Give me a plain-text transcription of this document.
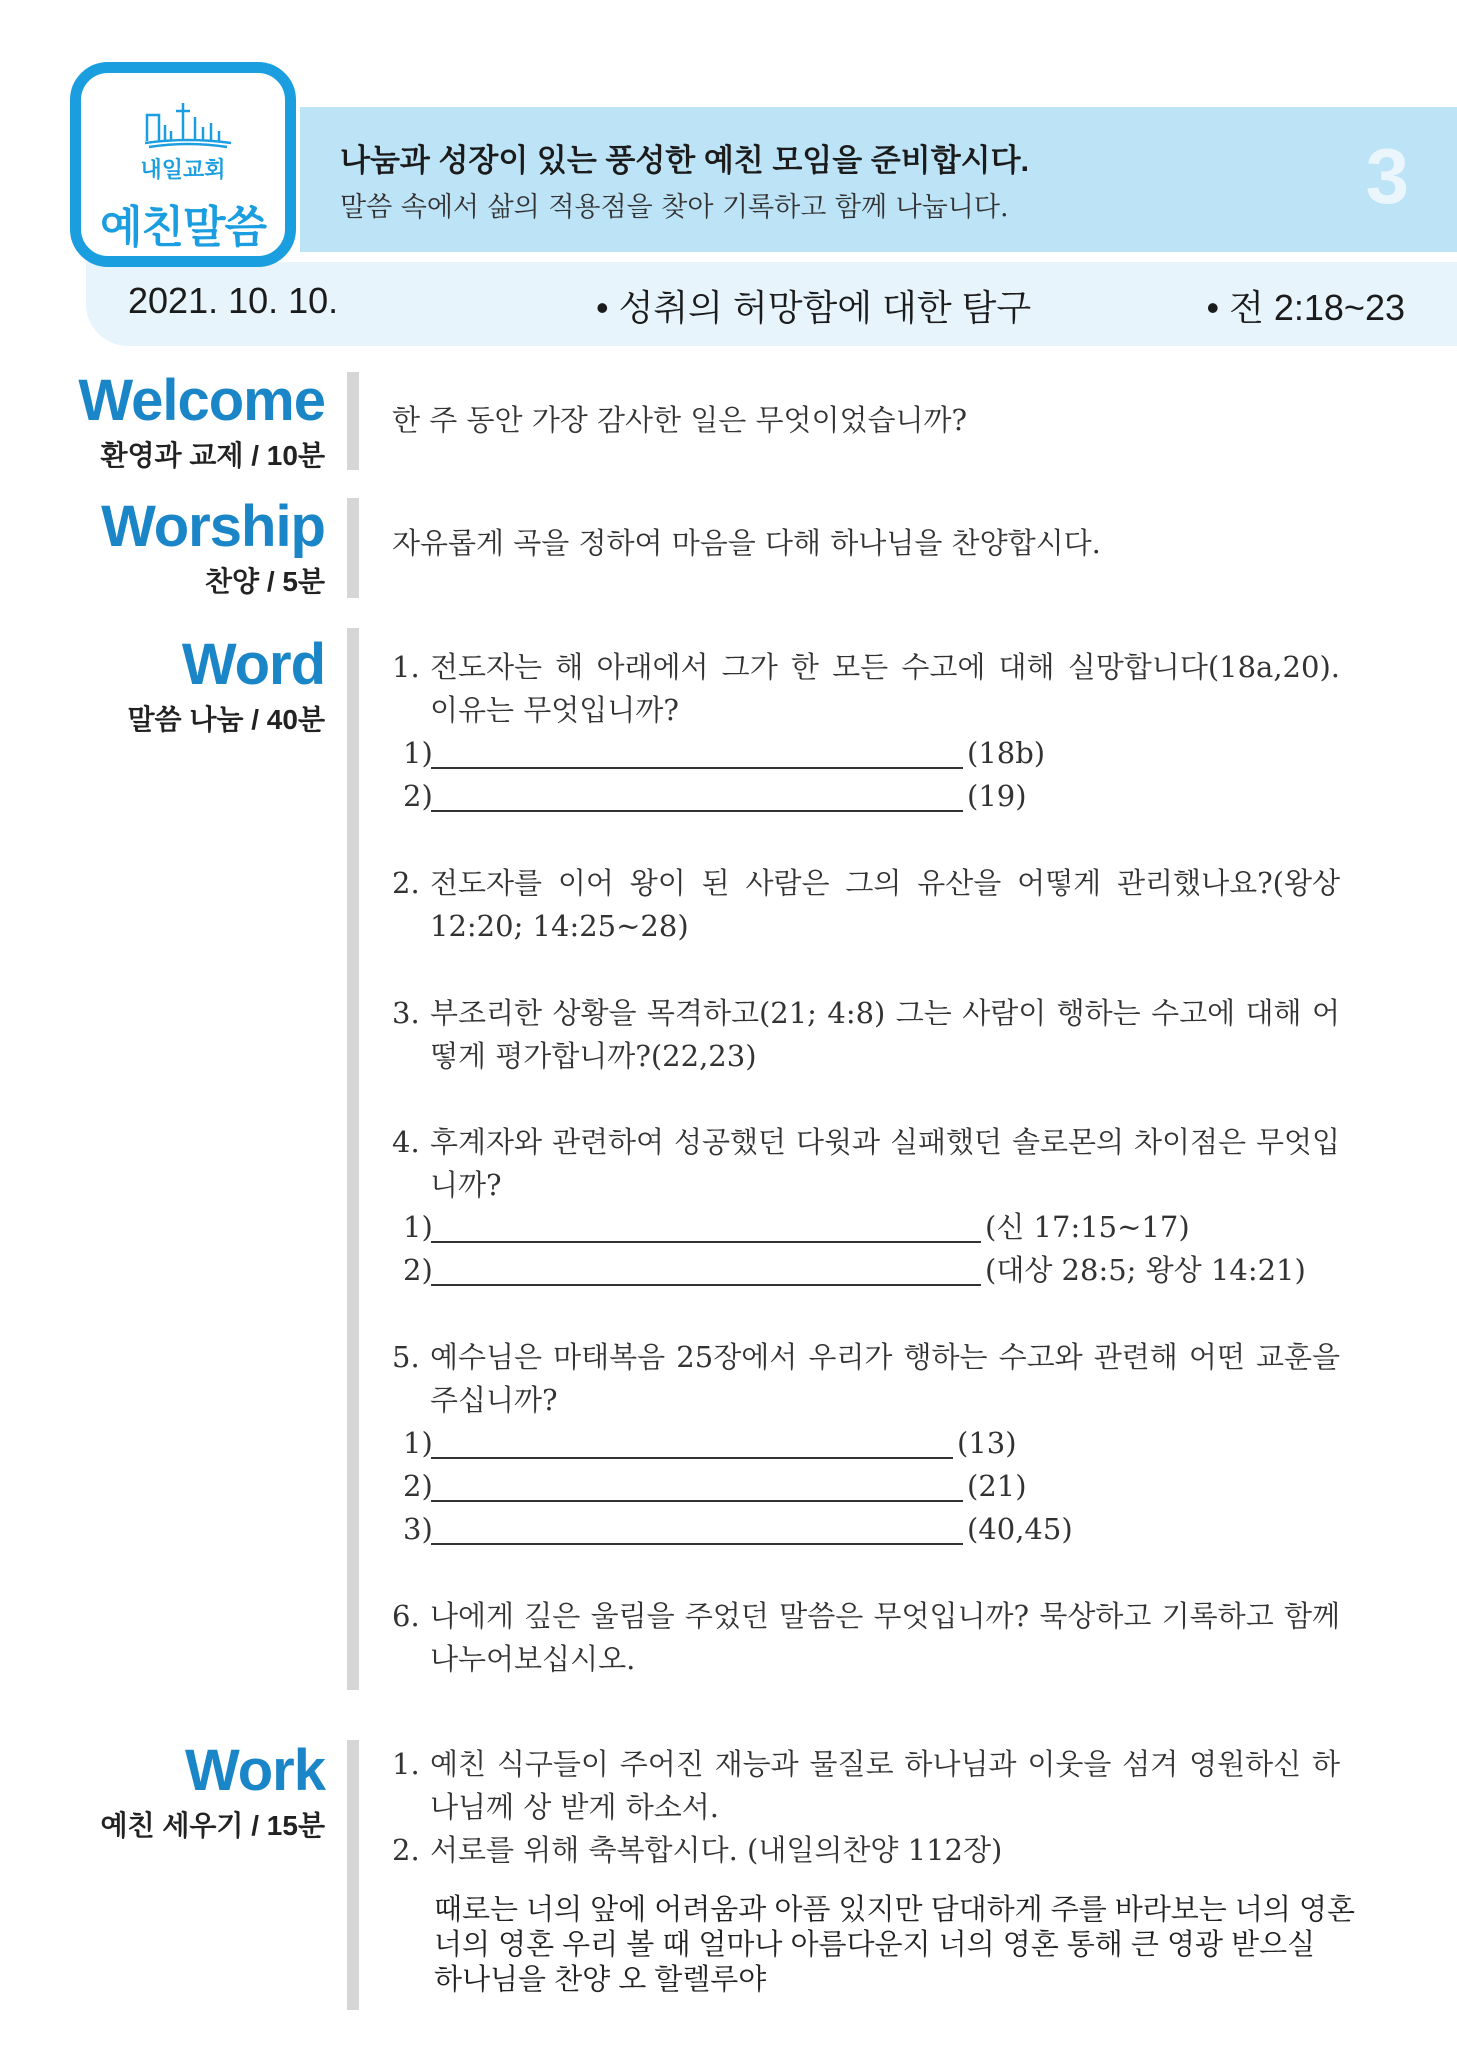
나눔과 성장이 있는 풍성한 예친 모임을 준비합시다.
말씀 속에서 삶의 적용점을 찾아 기록하고 함께 나눕니다.	3
2021. 10. 10.	• 성취의 허망함에 대한 탐구	• 전 2:18~23
내일교회
예친말씀
Welcome
환영과 교제 / 10분
한 주 동안 가장 감사한 일은 무엇이었습니까?
Worship
찬양 / 5분
자유롭게 곡을 정하여 마음을 다해 하나님을 찬양합시다.
Word
말씀 나눔 / 40분
1. 전도자는 해 아래에서 그가 한 모든 수고에 대해 실망합니다(18a,20). 이유는 무엇입니까?
1)	(18b)
2)	(19)
2. 전도자를 이어 왕이 된 사람은 그의 유산을 어떻게 관리했나요?(왕상 12:20; 14:25~28)
3. 부조리한 상황을 목격하고(21; 4:8) 그는 사람이 행하는 수고에 대해 어떻게 평가합니까?(22,23)
4. 후계자와 관련하여 성공했던 다윗과 실패했던 솔로몬의 차이점은 무엇입니까?
1)	(신 17:15~17)
2)	(대상 28:5; 왕상 14:21)
5. 예수님은 마태복음 25장에서 우리가 행하는 수고와 관련해 어떤 교훈을 주십니까?
1)	(13)
2)	(21)
3)	(40,45)
6. 나에게 깊은 울림을 주었던 말씀은 무엇입니까? 묵상하고 기록하고 함께 나누어보십시오.
Work
예친 세우기 / 15분
1. 예친 식구들이 주어진 재능과 물질로 하나님과 이웃을 섬겨 영원하신 하나님께 상 받게 하소서.
2. 서로를 위해 축복합시다. (내일의찬양 112장)
때로는 너의 앞에 어려움과 아픔 있지만 담대하게 주를 바라보는 너의 영혼
너의 영혼 우리 볼 때 얼마나 아름다운지 너의 영혼 통해 큰 영광 받으실
하나님을 찬양 오 할렐루야
